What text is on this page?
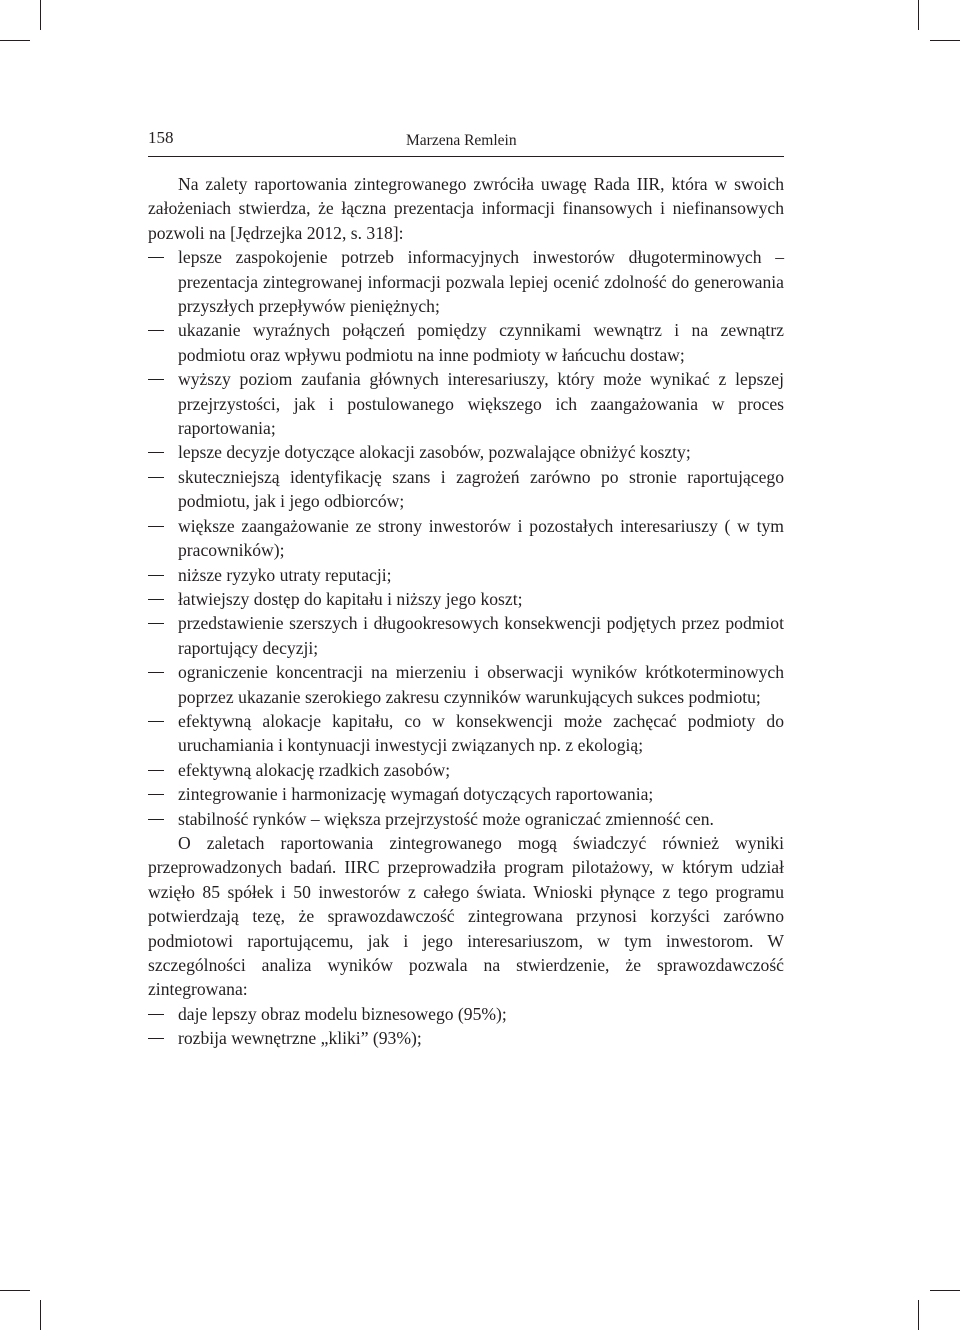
158	Marzena Remlein

Na zalety raportowania zintegrowanego zwróciła uwagę Rada IIR, która w swoich założeniach stwierdza, że łączna prezentacja informacji finansowych i niefinansowych pozwoli na [Jędrzejka 2012, s. 318]:

lepsze zaspokojenie potrzeb informacyjnych inwestorów długoterminowych – prezentacja zintegrowanej informacji pozwala lepiej ocenić zdolność do generowania przyszłych przepływów pieniężnych;
ukazanie wyraźnych połączeń pomiędzy czynnikami wewnątrz i na zewnątrz podmiotu oraz wpływu podmiotu na inne podmioty w łańcuchu dostaw;
wyższy poziom zaufania głównych interesariuszy, który może wynikać z lepszej przejrzystości, jak i postulowanego większego ich zaangażowania w proces raportowania;
lepsze decyzje dotyczące alokacji zasobów, pozwalające obniżyć koszty;
skuteczniejszą identyfikację szans i zagrożeń zarówno po stronie raportującego podmiotu, jak i jego odbiorców;
większe zaangażowanie ze strony inwestorów i pozostałych interesariuszy ( w tym pracowników);
niższe ryzyko utraty reputacji;
łatwiejszy dostęp do kapitału i niższy jego koszt;
przedstawienie szerszych i długookresowych konsekwencji podjętych przez podmiot raportujący decyzji;
ograniczenie koncentracji na mierzeniu i obserwacji wyników krótkoterminowych poprzez ukazanie szerokiego zakresu czynników warunkujących sukces podmiotu;
efektywną alokacje kapitału, co w konsekwencji może zachęcać podmioty do uruchamiania i kontynuacji inwestycji związanych np. z ekologią;
efektywną alokację rzadkich zasobów;
zintegrowanie i harmonizację wymagań dotyczących raportowania;
stabilność rynków – większa przejrzystość może ograniczać zmienność cen.

O zaletach raportowania zintegrowanego mogą świadczyć również wyniki przeprowadzonych badań. IIRC przeprowadziła program pilotażowy, w którym udział wzięło 85 spółek i 50 inwestorów z całego świata. Wnioski płynące z tego programu potwierdzają tezę, że sprawozdawczość zintegrowana przynosi korzyści zarówno podmiotowi raportującemu, jak i jego interesariuszom, w tym inwestorom. W szczególności analiza wyników pozwala na stwierdzenie, że sprawozdawczość zintegrowana:

daje lepszy obraz modelu biznesowego (95%);
rozbija wewnętrzne „kliki” (93%);
